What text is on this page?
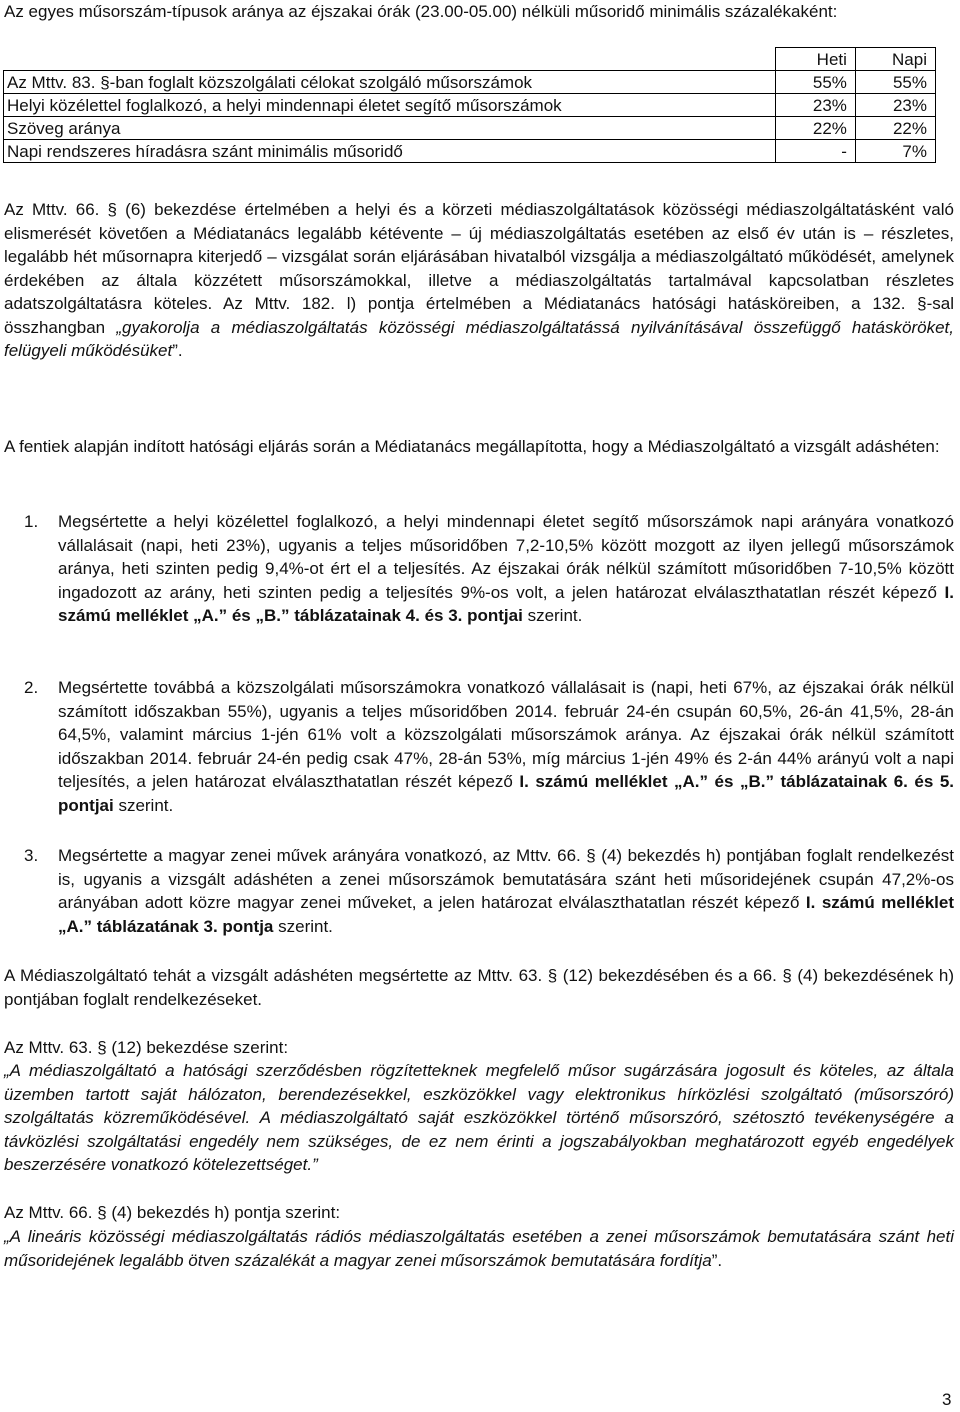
Az egyes műsorszám-típusok aránya az éjszakai órák (23.00-05.00) nélküli műsoridő minimális százalékaként:

	Heti	Napi
Az Mttv. 83. §-ban foglalt közszolgálati célokat szolgáló műsorszámok	55%	55%
Helyi közélettel foglalkozó, a helyi mindennapi életet segítő műsorszámok	23%	23%
Szöveg aránya	22%	22%
Napi rendszeres híradásra szánt minimális műsoridő	-	7%

Az Mttv. 66. § (6) bekezdése értelmében a helyi és a körzeti médiaszolgáltatások közösségi médiaszolgáltatásként való elismerését követően a Médiatanács legalább kétévente – új médiaszolgáltatás esetében az első év után is – részletes, legalább hét műsornapra kiterjedő – vizsgálat során eljárásában hivatalból vizsgálja a médiaszolgáltató működését, amelynek érdekében az általa közzétett műsorszámokkal, illetve a médiaszolgáltatás tartalmával kapcsolatban részletes adatszolgáltatásra köteles. Az Mttv. 182. l) pontja értelmében a Médiatanács hatósági hatásköreiben, a 132. §-sal összhangban „gyakorolja a médiaszolgáltatás közösségi médiaszolgáltatássá nyilvánításával összefüggő hatásköröket, felügyeli működésüket”.

A fentiek alapján indított hatósági eljárás során a Médiatanács megállapította, hogy a Médiaszolgáltató a vizsgált adáshéten:

1. Megsértette a helyi közélettel foglalkozó, a helyi mindennapi életet segítő műsorszámok napi arányára vonatkozó vállalásait (napi, heti 23%), ugyanis a teljes műsoridőben 7,2-10,5% között mozgott az ilyen jellegű műsorszámok aránya, heti szinten pedig 9,4%-ot ért el a teljesítés. Az éjszakai órák nélkül számított műsoridőben 7-10,5% között ingadozott az arány, heti szinten pedig a teljesítés 9%-os volt, a jelen határozat elválaszthatatlan részét képező I. számú melléklet „A.” és „B.” táblázatainak 4. és 3. pontjai szerint.
2. Megsértette továbbá a közszolgálati műsorszámokra vonatkozó vállalásait is (napi, heti 67%, az éjszakai órák nélkül számított időszakban 55%), ugyanis a teljes műsoridőben 2014. február 24-én csupán 60,5%, 26-án 41,5%, 28-án 64,5%, valamint március 1-jén 61% volt a közszolgálati műsorszámok aránya. Az éjszakai órák nélkül számított időszakban 2014. február 24-én pedig csak 47%, 28-án 53%, míg március 1-jén 49% és 2-án 44% arányú volt a napi teljesítés, a jelen határozat elválaszthatatlan részét képező I. számú melléklet „A.” és „B.” táblázatainak 6. és 5. pontjai szerint.
3. Megsértette a magyar zenei művek arányára vonatkozó, az Mttv. 66. § (4) bekezdés h) pontjában foglalt rendelkezést is, ugyanis a vizsgált adáshéten a zenei műsorszámok bemutatására szánt heti műsoridejének csupán 47,2%-os arányában adott közre magyar zenei műveket, a jelen határozat elválaszthatatlan részét képező I. számú melléklet „A.” táblázatának 3. pontja szerint.

A Médiaszolgáltató tehát a vizsgált adáshéten megsértette az Mttv. 63. § (12) bekezdésében és a 66. § (4) bekezdésének h) pontjában foglalt rendelkezéseket.

Az Mttv. 63. § (12) bekezdése szerint:

„A médiaszolgáltató a hatósági szerződésben rögzítetteknek megfelelő műsor sugárzására jogosult és köteles, az általa üzemben tartott saját hálózaton, berendezésekkel, eszközökkel vagy elektronikus hírközlési szolgáltató (műsorszóró) szolgáltatás közreműködésével. A médiaszolgáltató saját eszközökkel történő műsorszóró, szétosztó tevékenységére a távközlési szolgáltatási engedély nem szükséges, de ez nem érinti a jogszabályokban meghatározott egyéb engedélyek beszerzésére vonatkozó kötelezettséget.”

Az Mttv. 66. § (4) bekezdés h) pontja szerint:

„A lineáris közösségi médiaszolgáltatás rádiós médiaszolgáltatás esetében a zenei műsorszámok bemutatására szánt heti műsoridejének legalább ötven százalékát a magyar zenei műsorszámok bemutatására fordítja”.

3
